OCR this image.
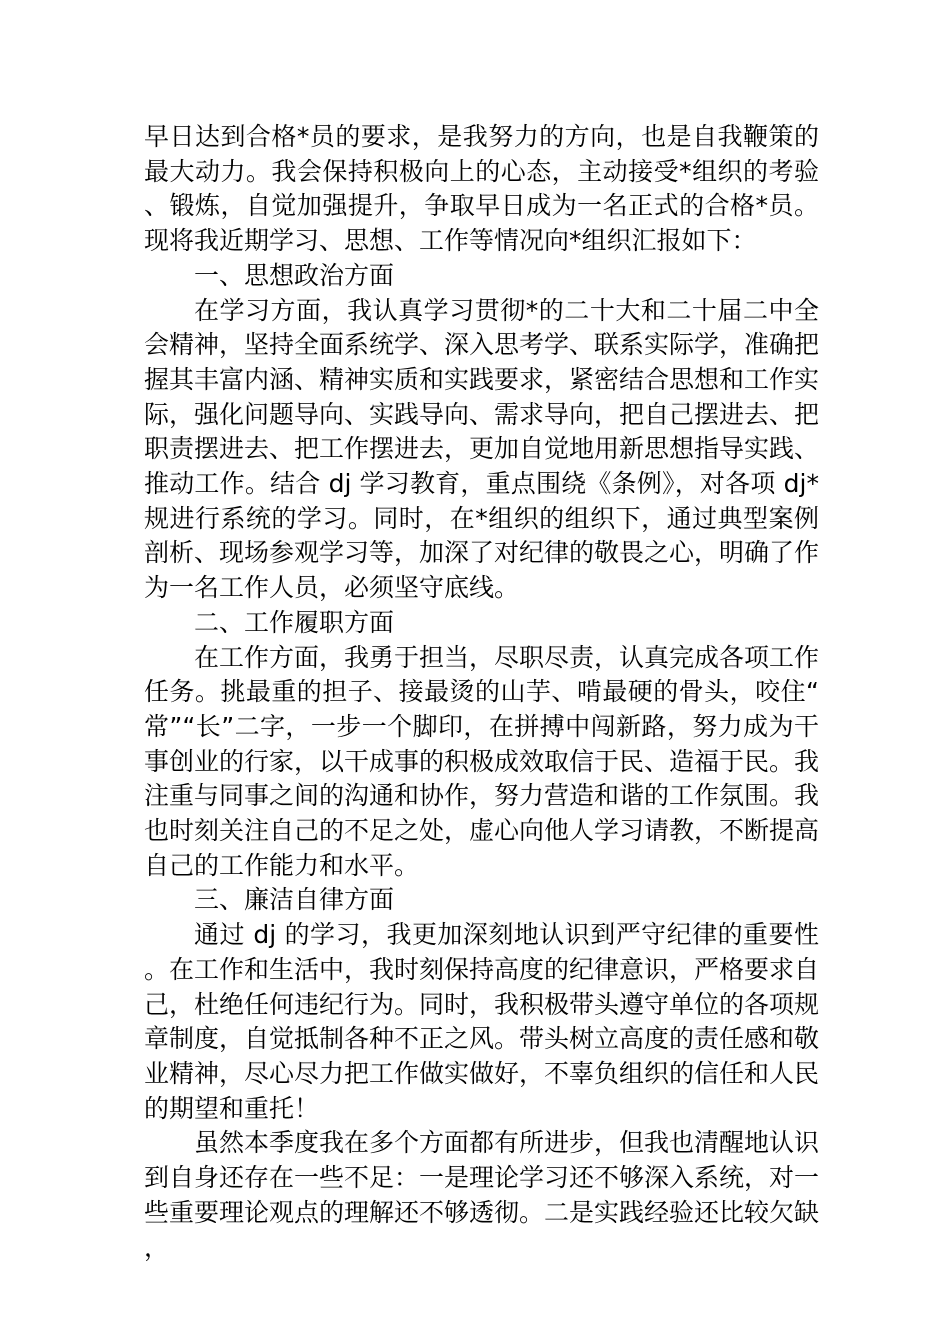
早日达到合格*员的要求，是我努力的方向，也是自我鞭策的最大动力。我会保持积极向上的心态，主动接受*组织的考验、锻炼，自觉加强提升，争取早日成为一名正式的合格*员。现将我近期学习、思想、工作等情况向*组织汇报如下：

一、思想政治方面

在学习方面，我认真学习贯彻*的二十大和二十届二中全会精神，坚持全面系统学、深入思考学、联系实际学，准确把握其丰富内涵、精神实质和实践要求，紧密结合思想和工作实际，强化问题导向、实践导向、需求导向，把自己摆进去、把职责摆进去、把工作摆进去，更加自觉地用新思想指导实践、推动工作。结合 dj 学习教育，重点围绕《条例》，对各项 dj*规进行系统的学习。同时，在*组织的组织下，通过典型案例剖析、现场参观学习等，加深了对纪律的敬畏之心，明确了作为一名工作人员，必须坚守底线。

二、工作履职方面

在工作方面，我勇于担当，尽职尽责，认真完成各项工作任务。挑最重的担子、接最烫的山芋、啃最硬的骨头，咬住“常”“长”二字，一步一个脚印，在拼搏中闯新路，努力成为干事创业的行家，以干成事的积极成效取信于民、造福于民。我注重与同事之间的沟通和协作，努力营造和谐的工作氛围。我也时刻关注自己的不足之处，虚心向他人学习请教，不断提高自己的工作能力和水平。

三、廉洁自律方面

通过 dj 的学习，我更加深刻地认识到严守纪律的重要性。在工作和生活中，我时刻保持高度的纪律意识，严格要求自己，杜绝任何违纪行为。同时，我积极带头遵守单位的各项规章制度，自觉抵制各种不正之风。带头树立高度的责任感和敬业精神，尽心尽力把工作做实做好，不辜负组织的信任和人民的期望和重托！

虽然本季度我在多个方面都有所进步，但我也清醒地认识到自身还存在一些不足：一是理论学习还不够深入系统，对一些重要理论观点的理解还不够透彻。二是实践经验还比较欠缺，
